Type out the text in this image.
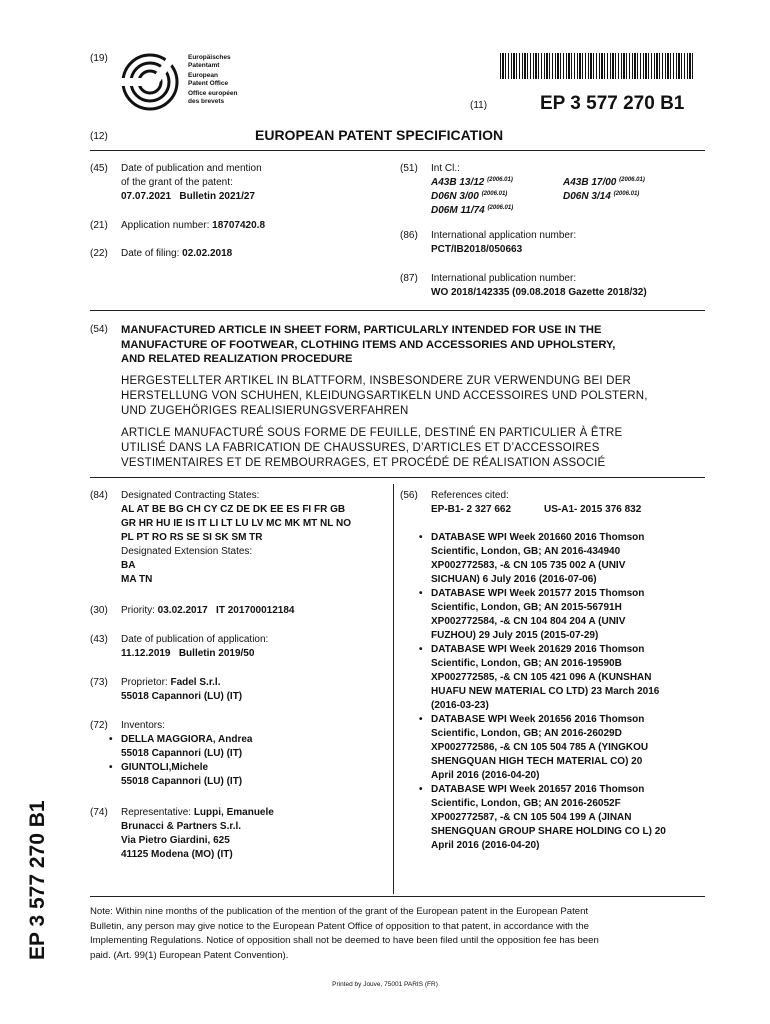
(19)	Europäisches
Patentamt
European
Patent Office
Office européen
des brevets	(11)	EP 3 577 270 B1
(12)	EUROPEAN PATENT SPECIFICATION
(45)	Date of publication and mention
of the grant of the patent:
07.07.2021   Bulletin 2021/27
(21)	Application number: 18707420.8
(22)	Date of filing: 02.02.2018
(51)	Int Cl.:
A43B 13/12 $^{(2006.01)}$	A43B 17/00 $^{(2006.01)}$
D06N 3/00 $^{(2006.01)}$	D06N 3/14 $^{(2006.01)}$
D06M 11/74 $^{(2006.01)}$
(86)	International application number:
PCT/IB2018/050663
(87)	International publication number:
WO 2018/142335 (09.08.2018 Gazette 2018/32)
(54)	MANUFACTURED ARTICLE IN SHEET FORM, PARTICULARLY INTENDED FOR USE IN THE
MANUFACTURE OF FOOTWEAR, CLOTHING ITEMS AND ACCESSORIES AND UPHOLSTERY,
AND RELATED REALIZATION PROCEDURE
HERGESTELLTER ARTIKEL IN BLATTFORM, INSBESONDERE ZUR VERWENDUNG BEI DER
HERSTELLUNG VON SCHUHEN, KLEIDUNGSARTIKELN UND ACCESSOIRES UND POLSTERN,
UND ZUGEHÖRIGES REALISIERUNGSVERFAHREN
ARTICLE MANUFACTURÉ SOUS FORME DE FEUILLE, DESTINÉ EN PARTICULIER À ÊTRE
UTILISÉ DANS LA FABRICATION DE CHAUSSURES, D’ARTICLES ET D’ACCESSOIRES
VESTIMENTAIRES ET DE REMBOURRAGES, ET PROCÉDÉ DE RÉALISATION ASSOCIÉ
(84)	Designated Contracting States:
AL AT BE BG CH CY CZ DE DK EE ES FI FR GB
GR HR HU IE IS IT LI LT LU LV MC MK MT NL NO
PL PT RO RS SE SI SK SM TR
Designated Extension States:
BA
MA TN
(30)	Priority: 03.02.2017   IT 201700012184
(43)	Date of publication of application:
11.12.2019   Bulletin 2019/50
(73)	Proprietor: Fadel S.r.l.
55018 Capannori (LU) (IT)
(72)	Inventors:
• DELLA MAGGIORA, Andrea
55018 Capannori (LU) (IT)
• GIUNTOLI,Michele
55018 Capannori (LU) (IT)
(74)	Representative: Luppi, Emanuele
Brunacci & Partners S.r.l.
Via Pietro Giardini, 625
41125 Modena (MO) (IT)
(56)	References cited:
EP-B1- 2 327 662	US-A1- 2015 376 832
• DATABASE WPI Week 201660 2016 Thomson
Scientific, London, GB; AN 2016-434940
XP002772583, -& CN 105 735 002 A (UNIV
SICHUAN) 6 July 2016 (2016-07-06)
• DATABASE WPI Week 201577 2015 Thomson
Scientific, London, GB; AN 2015-56791H
XP002772584, -& CN 104 804 204 A (UNIV
FUZHOU) 29 July 2015 (2015-07-29)
• DATABASE WPI Week 201629 2016 Thomson
Scientific, London, GB; AN 2016-19590B
XP002772585, -& CN 105 421 096 A (KUNSHAN
HUAFU NEW MATERIAL CO LTD) 23 March 2016
(2016-03-23)
• DATABASE WPI Week 201656 2016 Thomson
Scientific, London, GB; AN 2016-26029D
XP002772586, -& CN 105 504 785 A (YINGKOU
SHENGQUAN HIGH TECH MATERIAL CO) 20
April 2016 (2016-04-20)
• DATABASE WPI Week 201657 2016 Thomson
Scientific, London, GB; AN 2016-26052F
XP002772587, -& CN 105 504 199 A (JINAN
SHENGQUAN GROUP SHARE HOLDING CO L) 20
April 2016 (2016-04-20)
Note: Within nine months of the publication of the mention of the grant of the European patent in the European Patent
Bulletin, any person may give notice to the European Patent Office of opposition to that patent, in accordance with the
Implementing Regulations. Notice of opposition shall not be deemed to have been filed until the opposition fee has been
paid. (Art. 99(1) European Patent Convention).
Printed by Jouve, 75001 PARIS (FR)
EP 3 577 270 B1
